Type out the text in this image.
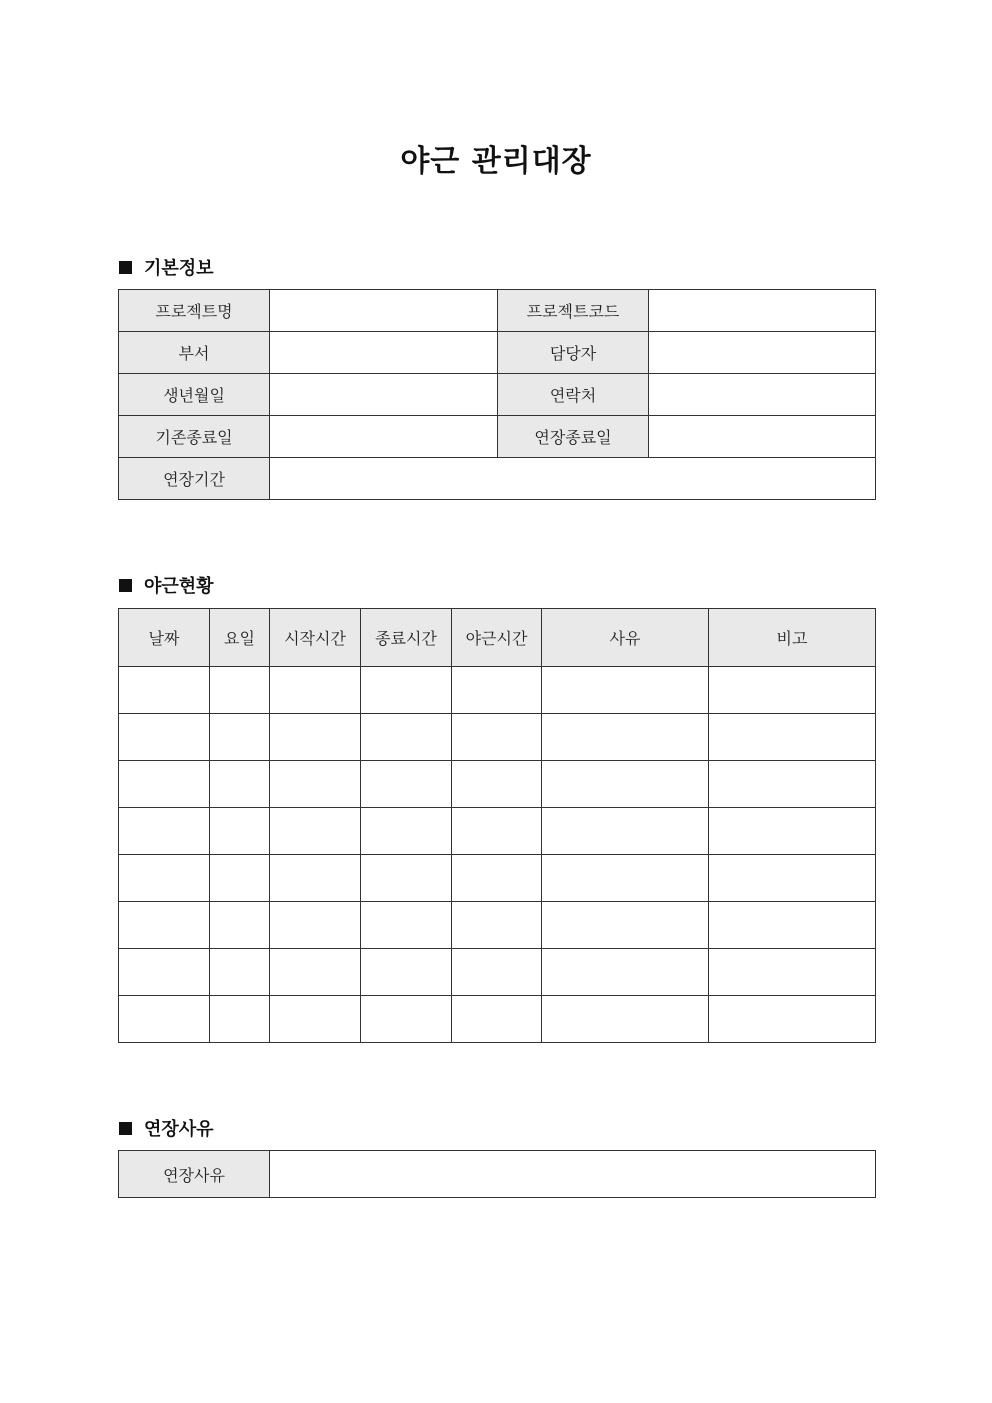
야근 관리대장
기본정보
프로젝트명		프로젝트코드	
부서		담당자	
생년월일		연락처	
기존종료일		연장종료일	
연장기간			
야근현황
날짜	요일	시작시간	종료시간	야근시간	사유	비고

연장사유
연장사유	
